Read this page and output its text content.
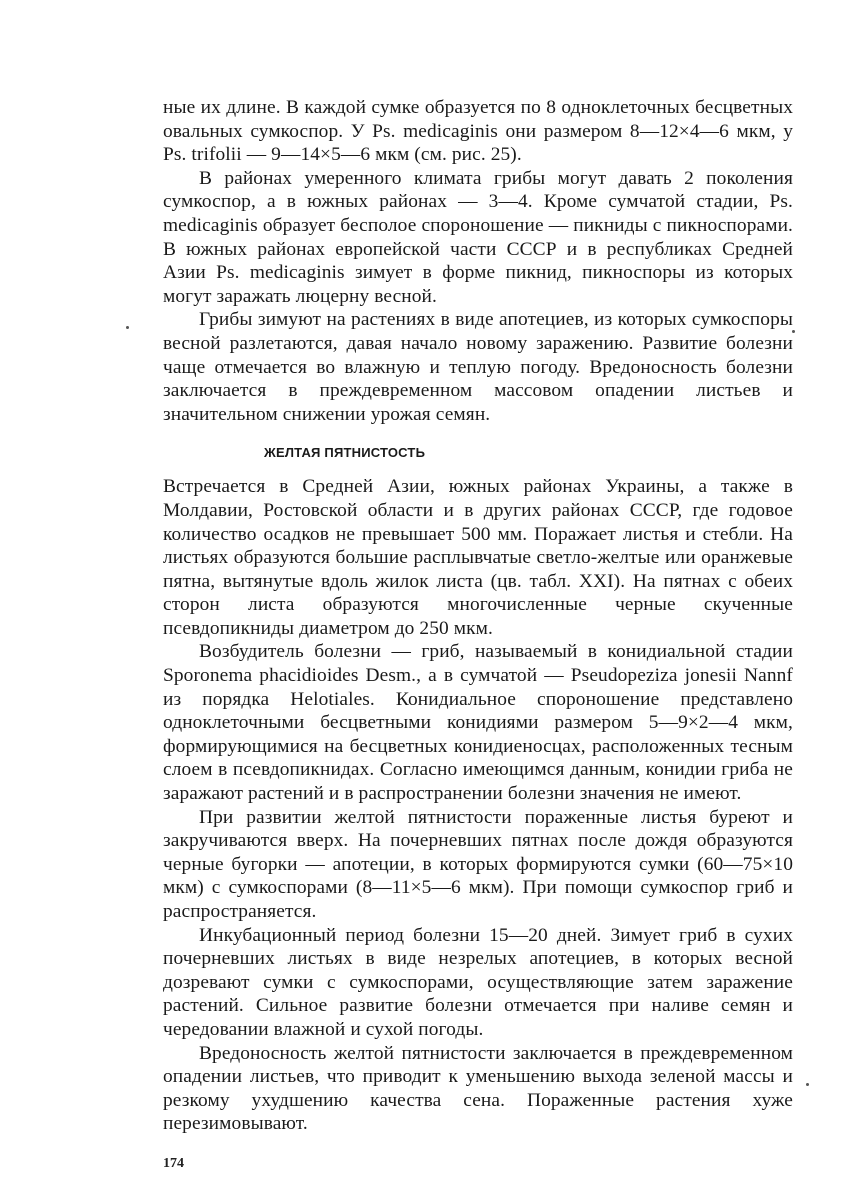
ные их длине. В каждой сумке образуется по 8 одноклеточных бесцветных овальных сумкоспор. У Ps. medicaginis они размером 8—12×4—6 мкм, у Ps. trifolii — 9—14×5—6 мкм (см. рис. 25).

В районах умеренного климата грибы могут давать 2 поколения сумкоспор, а в южных районах — 3—4. Кроме сумчатой стадии, Ps. medicaginis образует бесполое спороношение — пикниды с пикноспорами. В южных районах европейской части СССР и в республиках Средней Азии Ps. medicaginis зимует в форме пикнид, пикноспоры из которых могут заражать люцерну весной.

Грибы зимуют на растениях в виде апотециев, из которых сумкоспоры весной разлетаются, давая начало новому заражению. Развитие болезни чаще отмечается во влажную и теплую погоду. Вредоносность болезни заключается в преждевременном массовом опадении листьев и значительном снижении урожая семян.

ЖЕЛТАЯ ПЯТНИСТОСТЬ

Встречается в Средней Азии, южных районах Украины, а также в Молдавии, Ростовской области и в других районах СССР, где годовое количество осадков не превышает 500 мм. Поражает листья и стебли. На листьях образуются большие расплывчатые светло-желтые или оранжевые пятна, вытянутые вдоль жилок листа (цв. табл. XXI). На пятнах с обеих сторон листа образуются многочисленные черные скученные псевдопикниды диаметром до 250 мкм.

Возбудитель болезни — гриб, называемый в конидиальной стадии Sporonema phacidioides Desm., а в сумчатой — Pseudopeziza jonesii Nannf из порядка Helotiales. Конидиальное спороношение представлено одноклеточными бесцветными конидиями размером 5—9×2—4 мкм, формирующимися на бесцветных конидиеносцах, расположенных тесным слоем в псевдопикнидах. Согласно имеющимся данным, конидии гриба не заражают растений и в распространении болезни значения не имеют.

При развитии желтой пятнистости пораженные листья буреют и закручиваются вверх. На почерневших пятнах после дождя образуются черные бугорки — апотеции, в которых формируются сумки (60—75×10 мкм) с сумкоспорами (8—11×5—6 мкм). При помощи сумкоспор гриб и распространяется.

Инкубационный период болезни 15—20 дней. Зимует гриб в сухих почерневших листьях в виде незрелых апотециев, в которых весной дозревают сумки с сумкоспорами, осуществляющие затем заражение растений. Сильное развитие болезни отмечается при наливе семян и чередовании влажной и сухой погоды.

Вредоносность желтой пятнистости заключается в преждевременном опадении листьев, что приводит к уменьшению выхода зеленой массы и резкому ухудшению качества сена. Пораженные растения хуже перезимовывают.

174
